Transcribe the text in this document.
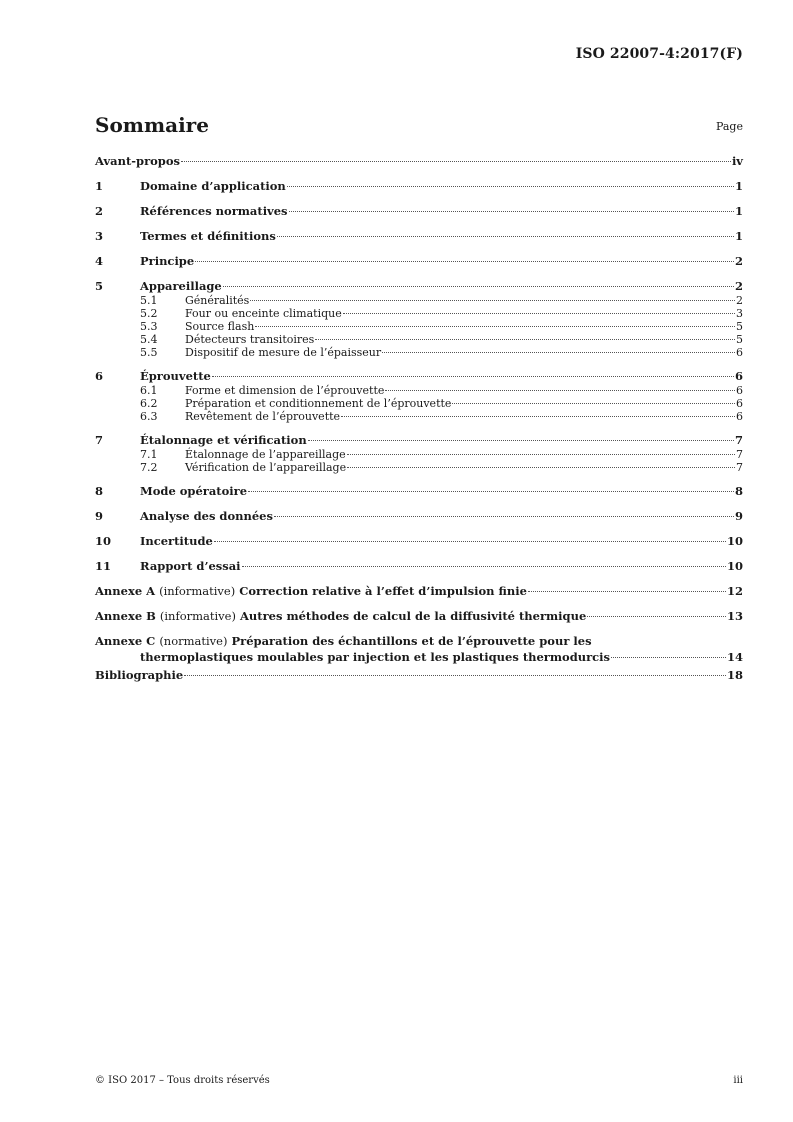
ISO 22007-4:2017(F)
Sommaire	Page
Avant-propos	iv
1	Domaine d’application	1
2	Références normatives	1
3	Termes et définitions	1
4	Principe	2
5	Appareillage	2
5.1	Généralités	2
5.2	Four ou enceinte climatique	3
5.3	Source flash	5
5.4	Détecteurs transitoires	5
5.5	Dispositif de mesure de l’épaisseur	6
6	Éprouvette	6
6.1	Forme et dimension de l’éprouvette	6
6.2	Préparation et conditionnement de l’éprouvette	6
6.3	Revêtement de l’éprouvette	6
7	Étalonnage et vérification	7
7.1	Étalonnage de l’appareillage	7
7.2	Vérification de l’appareillage	7
8	Mode opératoire	8
9	Analyse des données	9
10	Incertitude	10
11	Rapport d’essai	10
Annexe A (informative) Correction relative à l’effet d’impulsion finie	12
Annexe B (informative) Autres méthodes de calcul de la diffusivité thermique	13
Annexe C (normative) Préparation des échantillons et de l’éprouvette pour les
thermoplastiques moulables par injection et les plastiques thermodurcis	14
Bibliographie	18
© ISO 2017 – Tous droits réservés	iii
